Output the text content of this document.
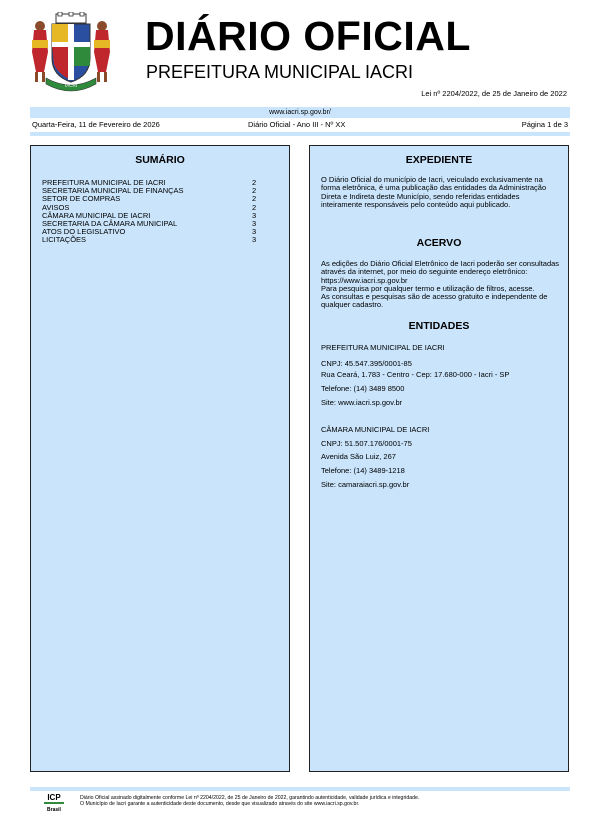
IACRI
DIÁRIO OFICIAL
PREFEITURA MUNICIPAL IACRI
Lei nº 2204/2022, de 25 de Janeiro de 2022
www.iacri.sp.gov.br/
Quarta-Feira, 11 de Fevereiro de 2026	Diário Oficial - Ano III - Nº XX	Página 1 de 3
SUMÁRIO
PREFEITURA MUNICIPAL DE IACRI	2
SECRETARIA MUNICIPAL DE FINANÇAS	2
SETOR DE COMPRAS	2
AVISOS	2
CÂMARA MUNICIPAL DE IACRI	3
SECRETARIA DA CÂMARA MUNICIPAL	3
ATOS DO LEGISLATIVO	3
LICITAÇÕES	3
EXPEDIENTE
O Diário Oficial do município de Iacri, veiculado exclusivamente na forma eletrônica, é uma publicação das entidades da Administração Direta e Indireta deste Município, sendo referidas entidades inteiramente responsáveis pelo conteúdo aqui publicado.
ACERVO
As edições do Diário Oficial Eletrônico de Iacri poderão ser consultadas através da internet, por meio do seguinte endereço eletrônico: https://www.iacri.sp.gov.br
Para pesquisa por qualquer termo e utilização de filtros, acesse.
As consultas e pesquisas são de acesso gratuito e independente de qualquer cadastro.
ENTIDADES
PREFEITURA MUNICIPAL DE IACRI
CNPJ: 45.547.395/0001-85
Rua Ceará, 1.783 - Centro - Cep: 17.680-000 - Iacri - SP
Telefone: (14) 3489 8500
Site: www.iacri.sp.gov.br
CÂMARA MUNICIPAL DE IACRI
CNPJ: 51.507.176/0001-75
Avenida São Luiz, 267
Telefone: (14) 3489-1218
Site: camaraiacri.sp.gov.br
ICP
Brasil
Diário Oficial assinado digitalmente conforme Lei nº 2204/2022, de 25 de Janeiro de 2022, garantindo autenticidade, validade jurídica e integridade.
O Município de Iacri garante a autenticidade deste documento, desde que visualizado através do site www.iacri.sp.gov.br.
